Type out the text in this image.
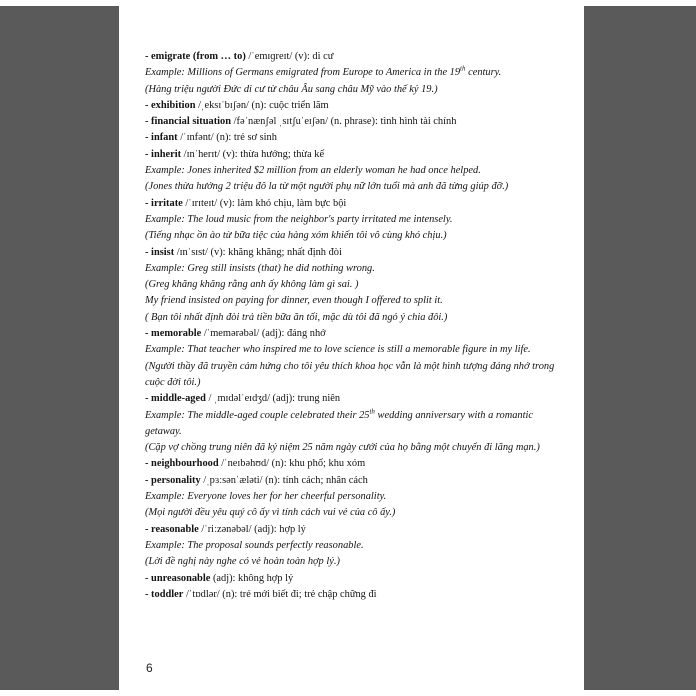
- emigrate (from … to) /ˈemɪɡreɪt/ (v): di cư
Example: Millions of Germans emigrated from Europe to America in the 19th century.
(Hàng triệu người Đức di cư từ châu Âu sang châu Mỹ vào thế kỷ 19.)
- exhibition /ˌeksɪˈbɪʃən/ (n): cuộc triển lãm
- financial situation /fəˈnænʃəl ˌsɪtʃuˈeɪʃən/ (n. phrase): tình hình tài chính
- infant /ˈɪnfənt/ (n): trẻ sơ sinh
- inherit /ɪnˈherɪt/ (v): thừa hưởng; thừa kế
Example: Jones inherited $2 million from an elderly woman he had once helped.
(Jones thừa hưởng 2 triệu đô la từ một người phụ nữ lớn tuổi mà anh đã từng giúp đỡ.)
- irritate /ˈɪrɪteɪt/ (v): làm khó chịu, làm bực bội
Example: The loud music from the neighbor's party irritated me intensely.
(Tiếng nhạc ồn ào từ bữa tiệc của hàng xóm khiến tôi vô cùng khó chịu.)
- insist /ɪnˈsɪst/ (v): khăng khăng; nhất định đòi
Example: Greg still insists (that) he did nothing wrong.
(Greg khăng khăng rằng anh ấy không làm gì sai. )
My friend insisted on paying for dinner, even though I offered to split it.
( Bạn tôi nhất định đòi trả tiền bữa ăn tối, mặc dù tôi đã ngỏ ý chia đôi.)
- memorable /ˈmemərəbəl/ (adj): đáng nhớ
Example: That teacher who inspired me to love science is still a memorable figure in my life.
(Người thầy đã truyền cảm hứng cho tôi yêu thích khoa học vẫn là một hình tượng đáng nhớ trong cuộc đời tôi.)
- middle-aged / ˌmɪdəlˈeɪdʒd/ (adj): trung niên
Example: The middle-aged couple celebrated their 25th wedding anniversary with a romantic getaway.
(Cặp vợ chồng trung niên đã kỷ niệm 25 năm ngày cưới của họ bằng một chuyến đi lãng mạn.)
- neighbourhood /ˈneɪbəhʊd/ (n): khu phố; khu xóm
- personality /ˌpɜːsənˈæləti/ (n): tính cách; nhân cách
Example: Everyone loves her for her cheerful personality.
(Mọi người đều yêu quý cô ấy vì tính cách vui vẻ của cô ấy.)
- reasonable /ˈriːzənəbəl/ (adj): hợp lý
Example: The proposal sounds perfectly reasonable.
(Lời đề nghị này nghe có vẻ hoàn toàn hợp lý.)
- unreasonable (adj): không hợp lý
- toddler /ˈtɒdlər/ (n): trẻ mới biết đi; trẻ chập chững đi
6
